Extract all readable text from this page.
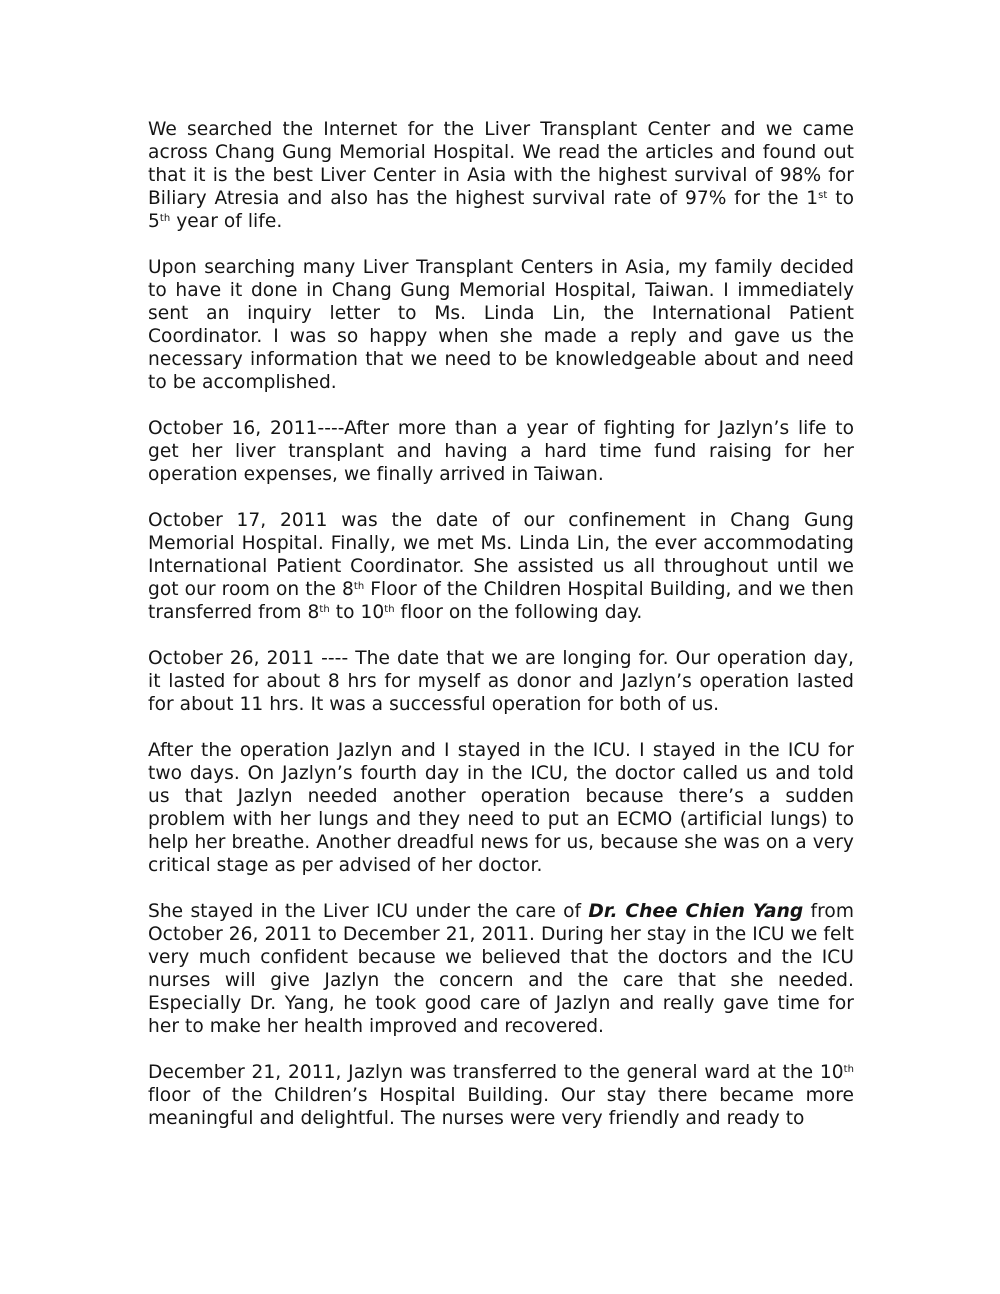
We searched the Internet for the Liver Transplant Center and we came across Chang Gung Memorial Hospital. We read the articles and found out that it is the best Liver Center in Asia with the highest survival of 98% for Biliary Atresia and also has the highest survival rate of 97% for the 1st to 5th year of life.

Upon searching many Liver Transplant Centers in Asia, my family decided to have it done in Chang Gung Memorial Hospital, Taiwan. I immediately sent an inquiry letter to Ms. Linda Lin, the International Patient Coordinator. I was so happy when she made a reply and gave us the necessary information that we need to be knowledgeable about and need to be accomplished.

October 16, 2011----After more than a year of fighting for Jazlyn’s life to get her liver transplant and having a hard time fund raising for her operation expenses, we finally arrived in Taiwan.

October 17, 2011 was the date of our confinement in Chang Gung Memorial Hospital. Finally, we met Ms. Linda Lin, the ever accommodating International Patient Coordinator. She assisted us all throughout until we got our room on the 8th Floor of the Children Hospital Building, and we then transferred from 8th to 10th floor on the following day.

October 26, 2011 ---- The date that we are longing for. Our operation day, it lasted for about 8 hrs for myself as donor and Jazlyn’s operation lasted for about 11 hrs. It was a successful operation for both of us.

After the operation Jazlyn and I stayed in the ICU. I stayed in the ICU for two days. On Jazlyn’s fourth day in the ICU, the doctor called us and told us that Jazlyn needed another operation because there’s a sudden problem with her lungs and they need to put an ECMO (artificial lungs) to help her breathe. Another dreadful news for us, because she was on a very critical stage as per advised of her doctor.

She stayed in the Liver ICU under the care of Dr. Chee Chien Yang from October 26, 2011 to December 21, 2011. During her stay in the ICU we felt very much confident because we believed that the doctors and the ICU nurses will give Jazlyn the concern and the care that she needed. Especially Dr. Yang, he took good care of Jazlyn and really gave time for her to make her health improved and recovered.

December 21, 2011, Jazlyn was transferred to the general ward at the 10th floor of the Children’s Hospital Building. Our stay there became more meaningful and delightful. The nurses were very friendly and ready to
